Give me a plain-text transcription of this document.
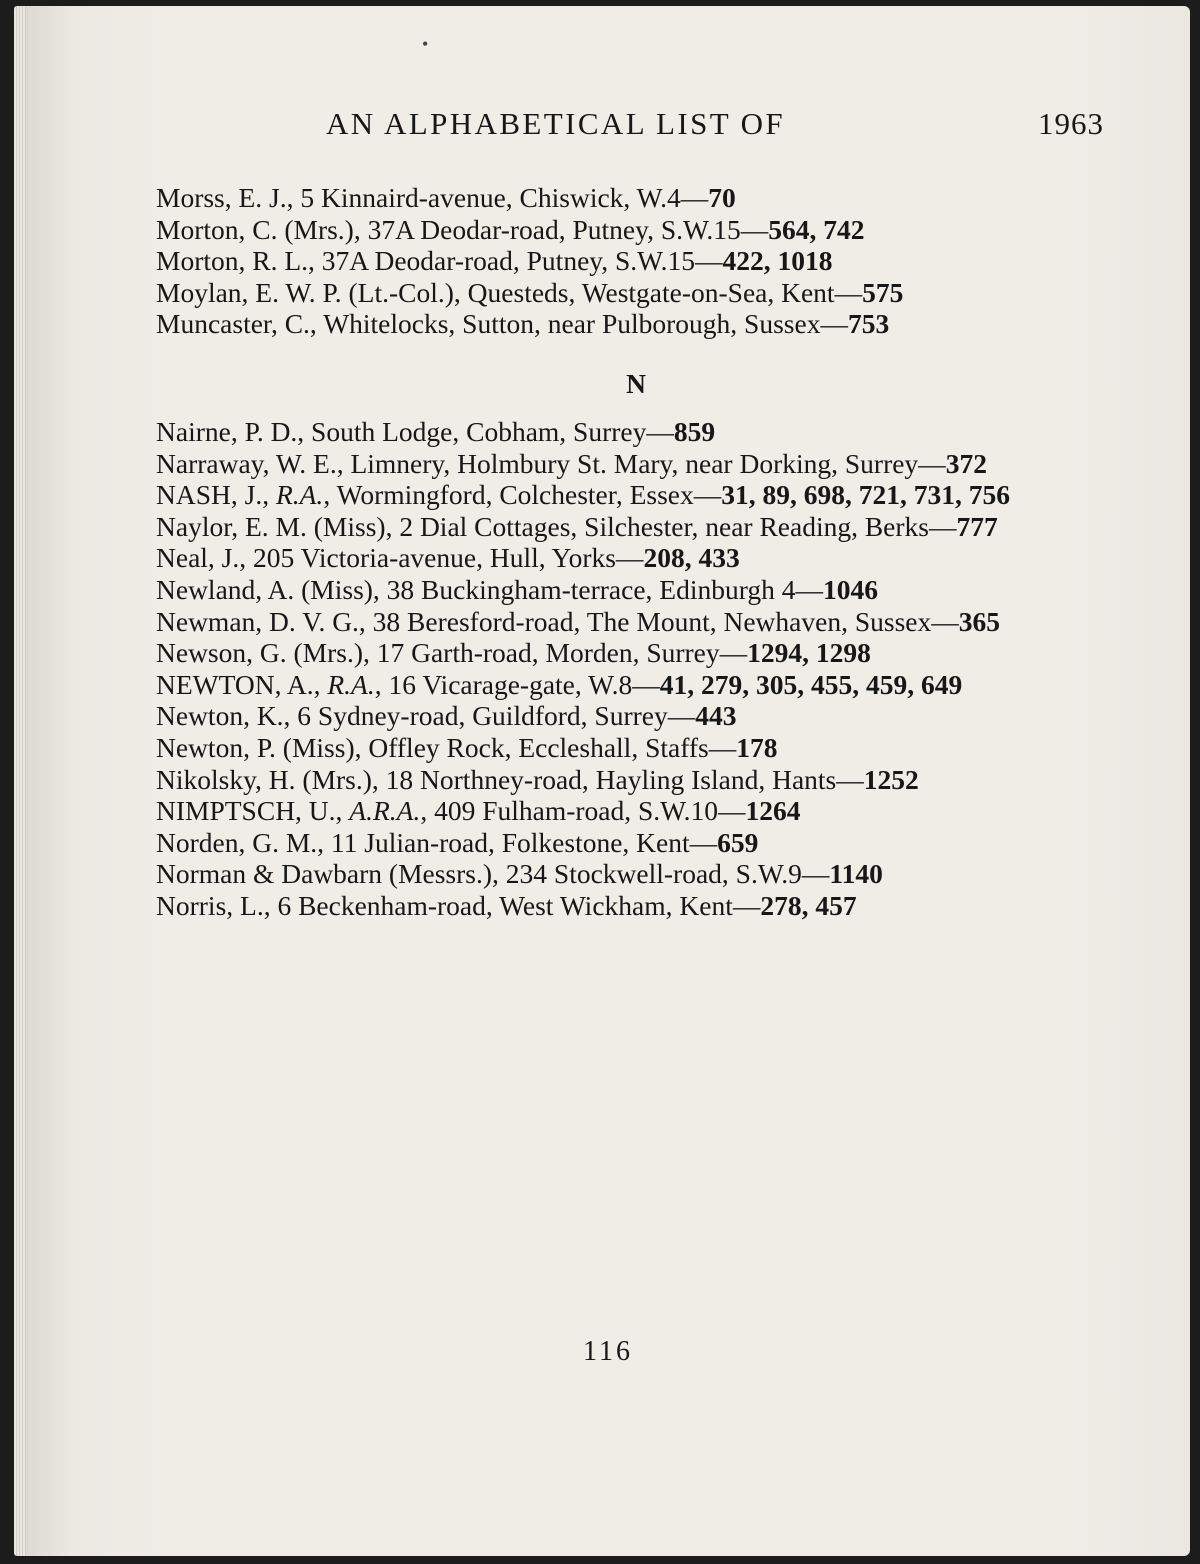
•
AN ALPHABETICAL LIST OF	1963
Morss, E. J., 5 Kinnaird-avenue, Chiswick, W.4—70
Morton, C. (Mrs.), 37A Deodar-road, Putney, S.W.15—564, 742
Morton, R. L., 37A Deodar-road, Putney, S.W.15—422, 1018
Moylan, E. W. P. (Lt.-Col.), Questeds, Westgate-on-Sea, Kent—575
Muncaster, C., Whitelocks, Sutton, near Pulborough, Sussex—753
N
Nairne, P. D., South Lodge, Cobham, Surrey—859
Narraway, W. E., Limnery, Holmbury St. Mary, near Dorking, Surrey—372
NASH, J., R.A., Wormingford, Colchester, Essex—31, 89, 698, 721, 731, 756
Naylor, E. M. (Miss), 2 Dial Cottages, Silchester, near Reading, Berks—777
Neal, J., 205 Victoria-avenue, Hull, Yorks—208, 433
Newland, A. (Miss), 38 Buckingham-terrace, Edinburgh 4—1046
Newman, D. V. G., 38 Beresford-road, The Mount, Newhaven, Sussex—365
Newson, G. (Mrs.), 17 Garth-road, Morden, Surrey—1294, 1298
NEWTON, A., R.A., 16 Vicarage-gate, W.8—41, 279, 305, 455, 459, 649
Newton, K., 6 Sydney-road, Guildford, Surrey—443
Newton, P. (Miss), Offley Rock, Eccleshall, Staffs—178
Nikolsky, H. (Mrs.), 18 Northney-road, Hayling Island, Hants—1252
NIMPTSCH, U., A.R.A., 409 Fulham-road, S.W.10—1264
Norden, G. M., 11 Julian-road, Folkestone, Kent—659
Norman & Dawbarn (Messrs.), 234 Stockwell-road, S.W.9—1140
Norris, L., 6 Beckenham-road, West Wickham, Kent—278, 457
116
